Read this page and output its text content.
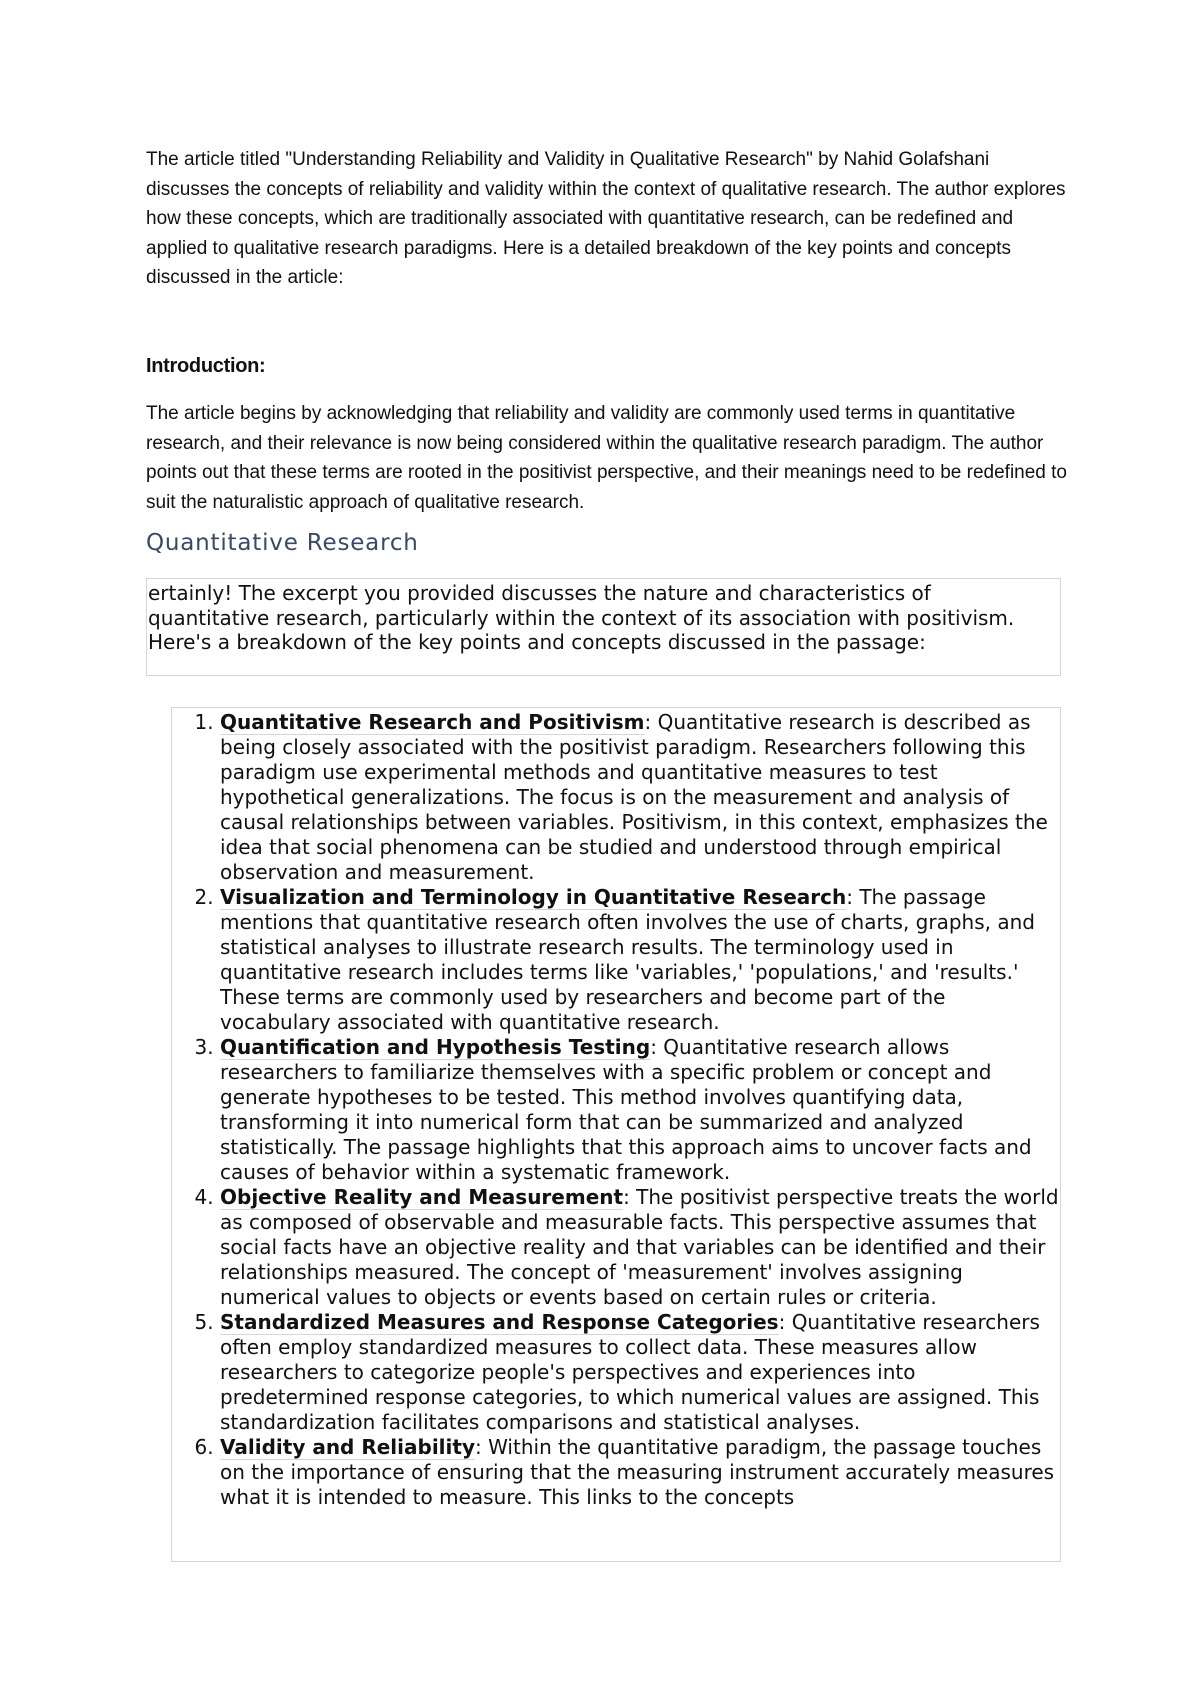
The article titled "Understanding Reliability and Validity in Qualitative Research" by Nahid Golafshani discusses the concepts of reliability and validity within the context of qualitative research. The author explores how these concepts, which are traditionally associated with quantitative research, can be redefined and applied to qualitative research paradigms. Here is a detailed breakdown of the key points and concepts discussed in the article:

Introduction:

The article begins by acknowledging that reliability and validity are commonly used terms in quantitative research, and their relevance is now being considered within the qualitative research paradigm. The author points out that these terms are rooted in the positivist perspective, and their meanings need to be redefined to suit the naturalistic approach of qualitative research.

Quantitative Research
ertainly! The excerpt you provided discusses the nature and characteristics of quantitative research, particularly within the context of its association with positivism. Here's a breakdown of the key points and concepts discussed in the passage:
1. Quantitative Research and Positivism: Quantitative research is described as being closely associated with the positivist paradigm. Researchers following this paradigm use experimental methods and quantitative measures to test hypothetical generalizations. The focus is on the measurement and analysis of causal relationships between variables. Positivism, in this context, emphasizes the idea that social phenomena can be studied and understood through empirical observation and measurement.
2. Visualization and Terminology in Quantitative Research: The passage mentions that quantitative research often involves the use of charts, graphs, and statistical analyses to illustrate research results. The terminology used in quantitative research includes terms like 'variables,' 'populations,' and 'results.' These terms are commonly used by researchers and become part of the vocabulary associated with quantitative research.
3. Quantification and Hypothesis Testing: Quantitative research allows researchers to familiarize themselves with a specific problem or concept and generate hypotheses to be tested. This method involves quantifying data, transforming it into numerical form that can be summarized and analyzed statistically. The passage highlights that this approach aims to uncover facts and causes of behavior within a systematic framework.
4. Objective Reality and Measurement: The positivist perspective treats the world as composed of observable and measurable facts. This perspective assumes that social facts have an objective reality and that variables can be identified and their relationships measured. The concept of 'measurement' involves assigning numerical values to objects or events based on certain rules or criteria.
5. Standardized Measures and Response Categories: Quantitative researchers often employ standardized measures to collect data. These measures allow researchers to categorize people's perspectives and experiences into predetermined response categories, to which numerical values are assigned. This standardization facilitates comparisons and statistical analyses.
6. Validity and Reliability: Within the quantitative paradigm, the passage touches on the importance of ensuring that the measuring instrument accurately measures what it is intended to measure. This links to the concepts
